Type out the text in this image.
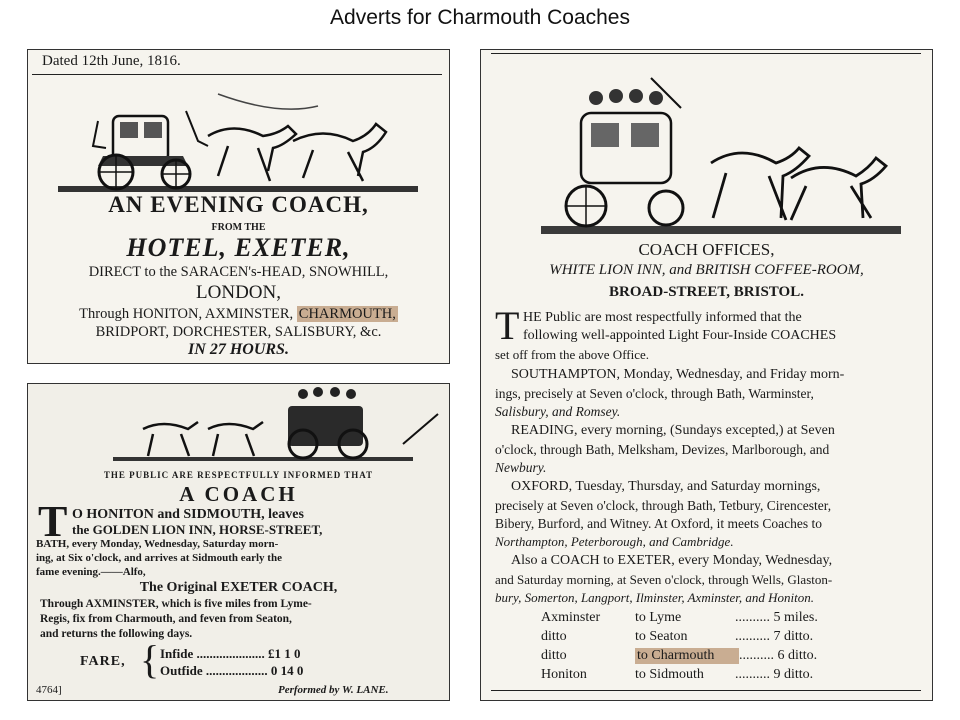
Adverts for Charmouth Coaches
Dated 12th June, 1816.
AN EVENING COACH,
FROM THE
HOTEL, EXETER,
DIRECT to the SARACEN's-HEAD, SNOWHILL,
LONDON,
Through HONITON, AXMINSTER, CHARMOUTH,
BRIDPORT, DORCHESTER, SALISBURY, &c.
IN 27 HOURS.
THE PUBLIC ARE RESPECTFULLY INFORMED THAT
A COACH
T O HONITON and SIDMOUTH, leaves
the GOLDEN LION INN, HORSE-STREET,
BATH, every Monday, Wednesday, Saturday morn-
ing, at Six o'clock, and arrives at Sidmouth early the
fame evening.——Alfo,
The Original EXETER COACH,
Through AXMINSTER, which is five miles from Lyme-
Regis, fix from Charmouth, and feven from Seaton,
and returns the following days.
FARE, { Infide ..................... £1 1 0
Outfide ................... 0 14 0
4764]	Performed by W. LANE.
COACH OFFICES,
WHITE LION INN, and BRITISH COFFEE-ROOM,
BROAD-STREET, BRISTOL.
T HE Public are most respectfully informed that the
following well-appointed Light Four-Inside COACHES
set off from the above Office.
SOUTHAMPTON, Monday, Wednesday, and Friday morn-
ings, precisely at Seven o'clock, through Bath, Warminster,
Salisbury, and Romsey.
READING, every morning, (Sundays excepted,) at Seven
o'clock, through Bath, Melksham, Devizes, Marlborough, and
Newbury.
OXFORD, Tuesday, Thursday, and Saturday mornings,
precisely at Seven o'clock, through Bath, Tetbury, Cirencester,
Bibery, Burford, and Witney. At Oxford, it meets Coaches to
Northampton, Peterborough, and Cambridge.
Also a COACH to EXETER, every Monday, Wednesday,
and Saturday morning, at Seven o'clock, through Wells, Glaston-
bury, Somerton, Langport, Ilminster, Axminster, and Honiton.
Axminster to Lyme	.......... 5 miles.
ditto	to Seaton	.......... 7 ditto.
ditto	to Charmouth .......... 6 ditto.
Honiton	to Sidmouth .......... 9 ditto.
